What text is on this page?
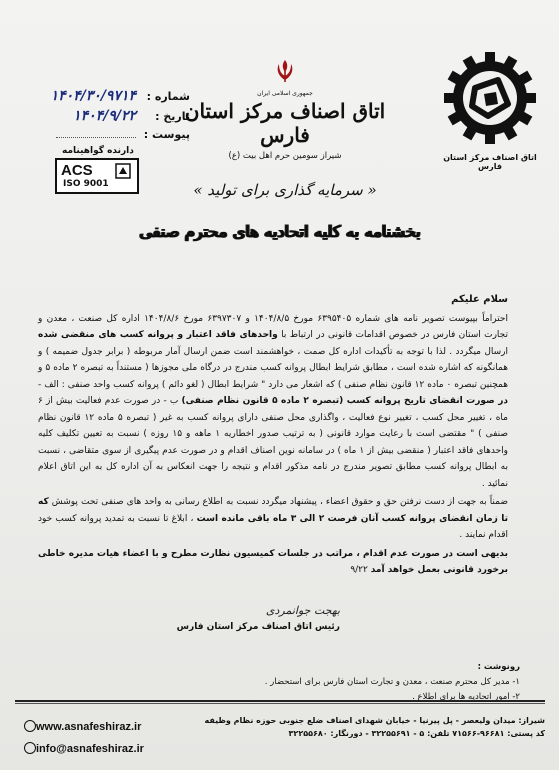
شماره :
۱۴۰۴/۳۰/۹۷۱۴
تاریخ :
۱۴۰۴/۹/۲۲
پیوست :
دارنده گواهینامه
ACS
ISO 9001
جمهوری اسلامی ایران
اتاق اصناف مرکز استان فارس
شیراز سومین حرم اهل بیت (ع)
« سرمایه گذاری برای تولید »
اتاق اصناف مرکز استان فارس
بخشنامه به کلیه اتحادیه های محترم صنفی
سلام علیکم

احتراماً بپیوست تصویر نامه های شماره ۶۳۹۵۴۰۵ مورخ ۱۴۰۴/۸/۵ و ۶۳۹۷۳۰۷ مورخ ۱۴۰۴/۸/۶ اداره کل صنعت ، معدن و تجارت استان فارس در خصوص اقدامات قانونی در ارتباط با واحدهای فاقد اعتبار و پروانه کسب های منقضی شده ارسال میگردد . لذا با توجه به تأکیدات اداره کل صمت ، خواهشمند است ضمن ارسال آمار مربوطه ( برابر جدول ضمیمه ) و همانگونه که اشاره شده است ، مطابق شرایط ابطال پروانه کسب مندرج در درگاه ملی مجوزها ( مستنداً به تبصره ۲ ماده ۵ و همچنین تبصره ۰ ماده ۱۲ قانون نظام صنفی ) که اشعار می دارد " شرایط ابطال ( لغو دائم ) پروانه کسب واحد صنفی : الف - در صورت انقضای تاریخ پروانه کسب (تبصره ۲ ماده ۵ قانون نظام صنفی) ب - در صورت عدم فعالیت بیش از ۶ ماه ، تغییر محل کسب ، تغییر نوع فعالیت ، واگذاری محل صنفی دارای پروانه کسب به غیر ( تبصره ۵ ماده ۱۲ قانون نظام صنفی ) " مقتضی است با رعایت موارد قانونی ( به ترتیب صدور اخطاریه ۱ ماهه و ۱۵ روزه ) نسبت به تعیین تکلیف کلیه واحدهای فاقد اعتبار ( منقضی بیش از ۱ ماه ) در سامانه نوین اصناف اقدام و در صورت عدم پیگیری از سوی متقاضی ، نسبت به ابطال پروانه کسب مطابق تصویر مندرج در نامه مذکور اقدام و نتیجه را جهت انعکاس به آن اداره کل به این اتاق اعلام نمائید .

ضمناً به جهت از دست نرفتن حق و حقوق اعضاء ، پیشنهاد میگردد نسبت به اطلاع رسانی به واحد های صنفی تحت پوشش که تا زمان انقضای پروانه کسب آنان فرصت ۲ الی ۳ ماه باقی مانده است ، ابلاغ تا نسبت به تمدید پروانه کسب خود اقدام نمایند .

بدیهی است در صورت عدم اقدام ، مراتب در جلسات کمیسیون نظارت مطرح و با اعضاء هیات مدیره خاطی برخورد قانونی بعمل خواهد آمد ۹/۲۲

بهجت جوانمردی
رئیس اتاق اصناف مرکز استان فارس
رونوشت :
۱- مدیر کل محترم صنعت ، معدن و تجارت استان فارس برای استحضار .
۲- امور اتحادیه ها برای اطلاع .
شیراز: میدان ولیعصر - پل پیرنیا - خیابان شهدای اصناف ضلع جنوبی حوزه نظام وظیفه
کد پستی: ۹۶۶۸۱-۷۱۵۶۶ تلفن: ۵ - ۳۲۲۵۵۶۹۱ - دورنگار: ۳۲۲۵۵۶۸۰
www.asnafeshiraz.ir
info@asnafeshiraz.ir
